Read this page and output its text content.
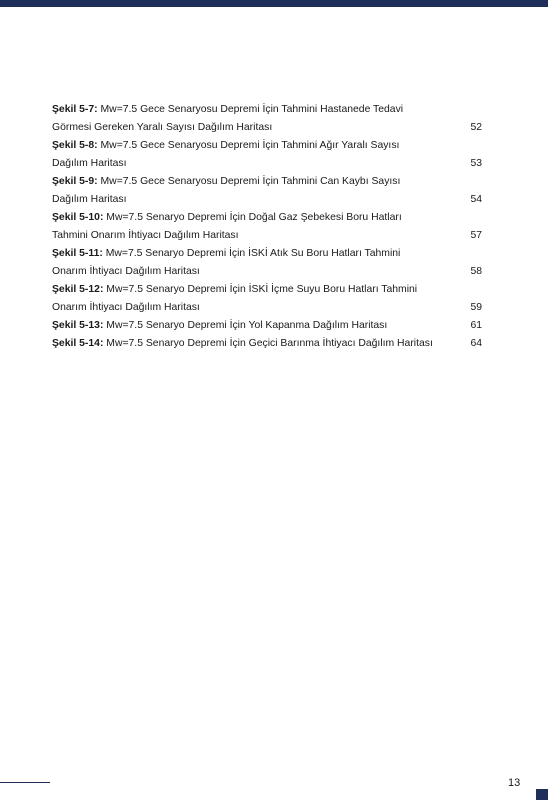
Şekil 5-7: Mw=7.5 Gece Senaryosu Depremi İçin Tahmini Hastanede Tedavi
Görmesi Gereken Yaralı Sayısı Dağılım Haritası	52
Şekil 5-8: Mw=7.5 Gece Senaryosu Depremi İçin Tahmini Ağır Yaralı Sayısı
Dağılım Haritası	53
Şekil 5-9: Mw=7.5 Gece Senaryosu Depremi İçin Tahmini Can Kaybı Sayısı
Dağılım Haritası	54
Şekil 5-10: Mw=7.5 Senaryo Depremi İçin Doğal Gaz Şebekesi Boru Hatları
Tahmini Onarım İhtiyacı Dağılım Haritası	57
Şekil 5-11: Mw=7.5 Senaryo Depremi İçin İSKİ Atık Su Boru Hatları Tahmini
Onarım İhtiyacı Dağılım Haritası	58
Şekil 5-12: Mw=7.5 Senaryo Depremi İçin İSKİ İçme Suyu Boru Hatları Tahmini
Onarım İhtiyacı Dağılım Haritası	59
Şekil 5-13: Mw=7.5 Senaryo Depremi İçin Yol Kapanma Dağılım Haritası	61
Şekil 5-14: Mw=7.5 Senaryo Depremi İçin Geçici Barınma İhtiyacı Dağılım Haritası	64
13
